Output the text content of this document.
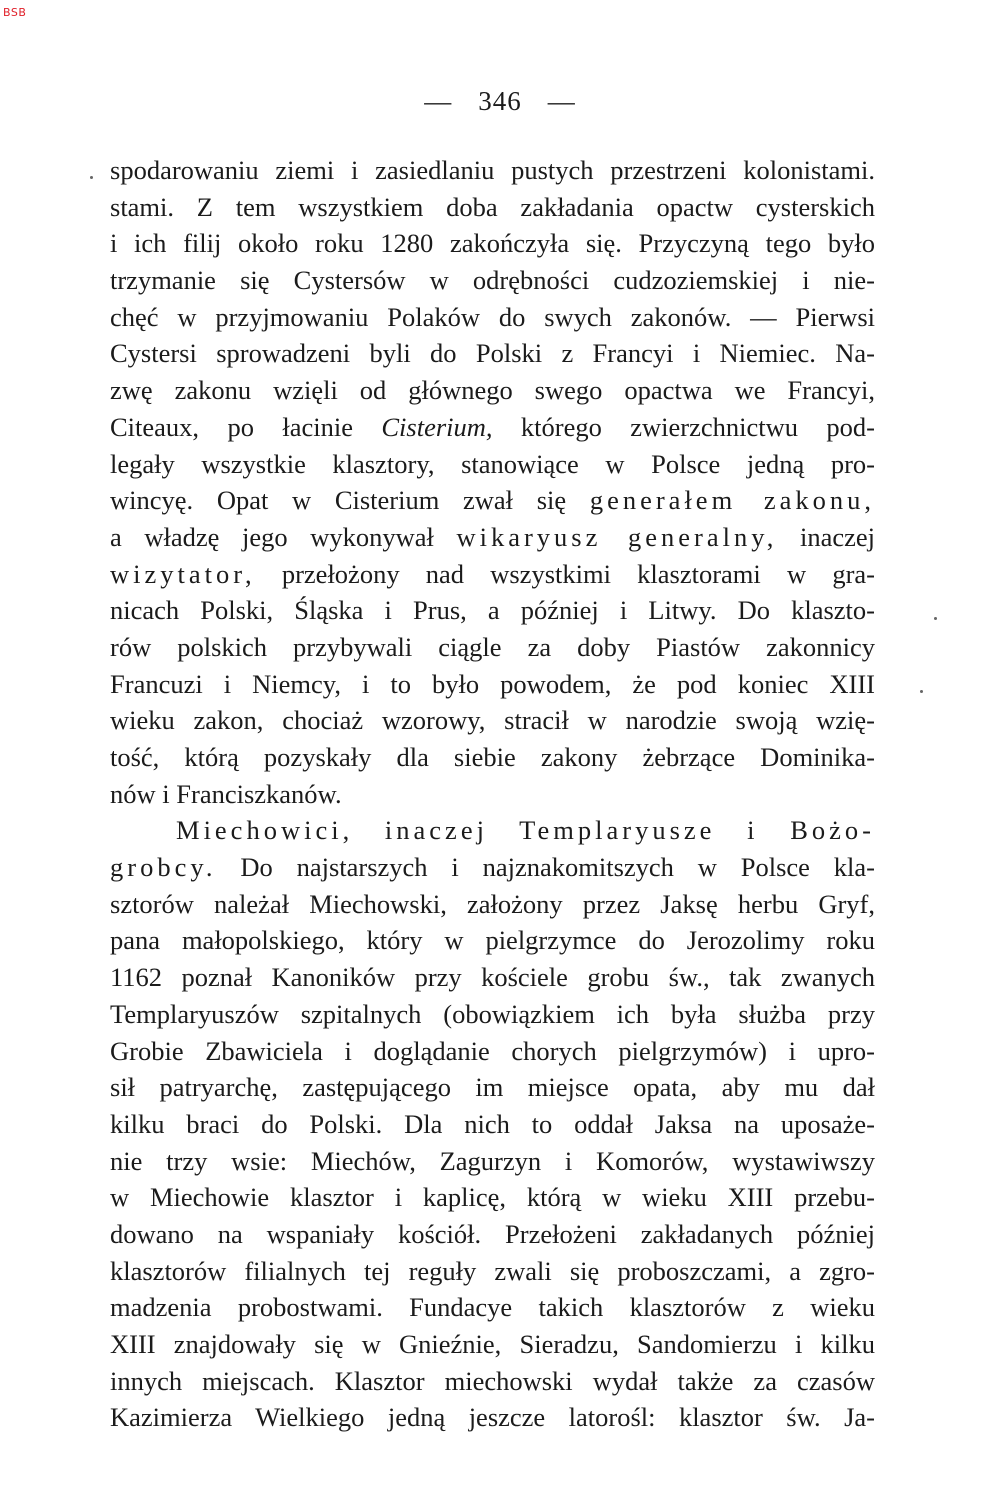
BSB
— 346 —
spodarowaniu ziemi i zasiedlaniu pustych przestrzeni kolonistami.
stami. Z tem wszystkiem doba zakładania opactw cysterskich
i ich filij około roku 1280 zakończyła się. Przyczyną tego było
trzymanie się Cystersów w odrębności cudzoziemskiej i nie-
chęć w przyjmowaniu Polaków do swych zakonów. — Pierwsi
Cystersi sprowadzeni byli do Polski z Francyi i Niemiec. Na-
zwę zakonu wzięli od głównego swego opactwa we Francyi,
Citeaux, po łacinie Cisterium, którego zwierzchnictwu pod-
legały wszystkie klasztory, stanowiące w Polsce jedną pro-
wincyę. Opat w Cisterium zwał się generałem zakonu,
a władzę jego wykonywał wikaryusz generalny, inaczej
wizytator, przełożony nad wszystkimi klasztorami w gra-
nicach Polski, Śląska i Prus, a później i Litwy. Do klaszto-
rów polskich przybywali ciągle za doby Piastów zakonnicy
Francuzi i Niemcy, i to było powodem, że pod koniec XIII
wieku zakon, chociaż wzorowy, stracił w narodzie swoją wzię-
tość, którą pozyskały dla siebie zakony żebrzące Dominika-
nów i Franciszkanów.
Miechowici, inaczej Templaryusze i Bożo-
grobcy. Do najstarszych i najznakomitszych w Polsce kla-
sztorów należał Miechowski, założony przez Jaksę herbu Gryf,
pana małopolskiego, który w pielgrzymce do Jerozolimy roku
1162 poznał Kanoników przy kościele grobu św., tak zwanych
Templaryuszów szpitalnych (obowiązkiem ich była służba przy
Grobie Zbawiciela i doglądanie chorych pielgrzymów) i upro-
sił patryarchę, zastępującego im miejsce opata, aby mu dał
kilku braci do Polski. Dla nich to oddał Jaksa na uposaże-
nie trzy wsie: Miechów, Zagurzyn i Komorów, wystawiwszy
w Miechowie klasztor i kaplicę, którą w wieku XIII przebu-
dowano na wspaniały kościół. Przełożeni zakładanych później
klasztorów filialnych tej reguły zwali się proboszczami, a zgro-
madzenia probostwami. Fundacye takich klasztorów z wieku
XIII znajdowały się w Gnieźnie, Sieradzu, Sandomierzu i kilku
innych miejscach. Klasztor miechowski wydał także za czasów
Kazimierza Wielkiego jedną jeszcze latorośl: klasztor św. Ja-
